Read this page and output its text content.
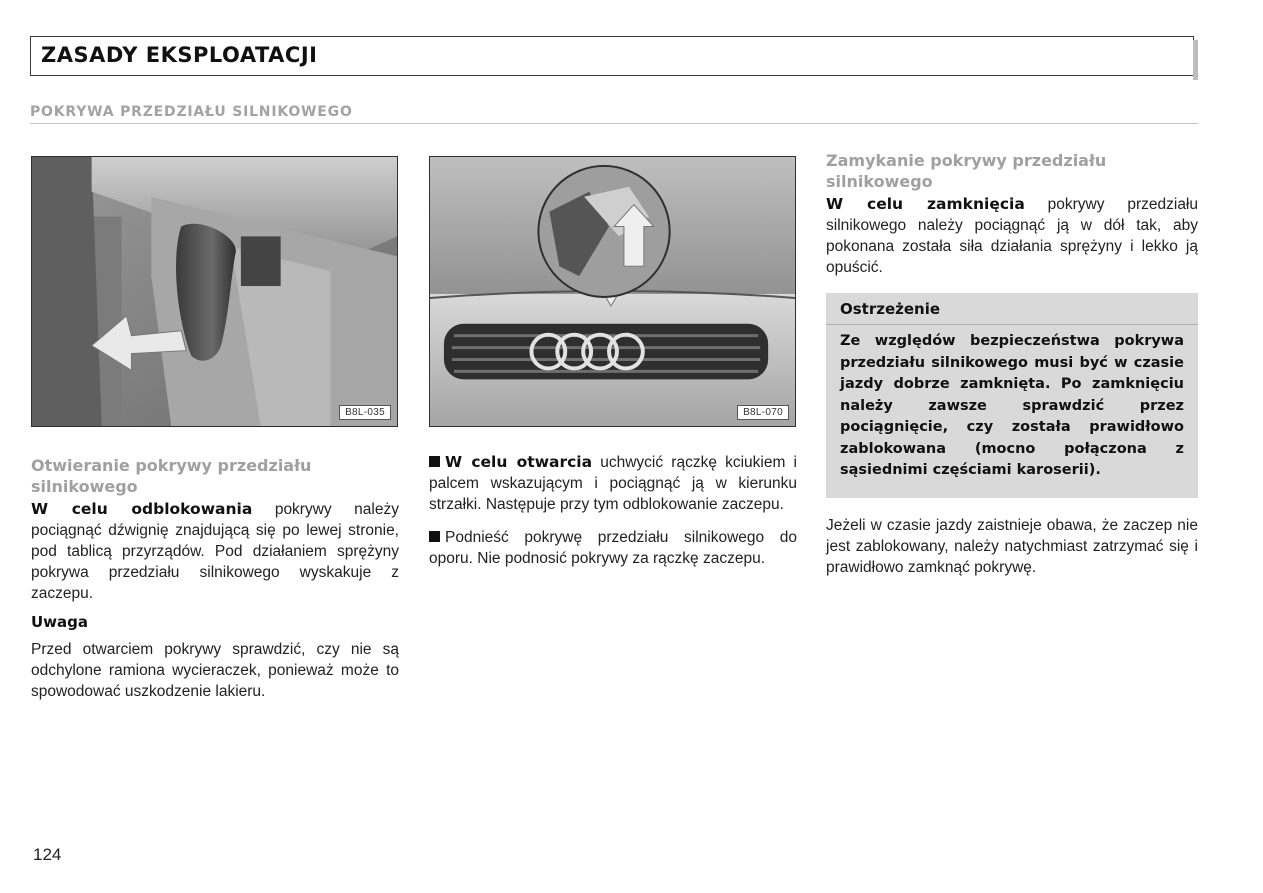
ZASADY EKSPLOATACJI
POKRYWA PRZEDZIAŁU SILNIKOWEGO
B8L-035	B8L-070
Otwieranie pokrywy przedziału silnikowego

W celu odblokowania pokrywy należy pociągnąć dźwignię znajdującą się po lewej stronie, pod tablicą przyrządów. Pod działaniem sprężyny pokrywa przedziału silnikowego wyskakuje z zaczepu.

Uwaga

Przed otwarciem pokrywy sprawdzić, czy nie są odchylone ramiona wycieraczek, ponieważ może to spowodować uszkodzenie lakieru.

W celu otwarcia uchwycić rączkę kciukiem i palcem wskazującym i pociągnąć ją w kierunku strzałki. Następuje przy tym odblokowanie zaczepu.

Podnieść pokrywę przedziału silnikowego do oporu. Nie podnosić pokrywy za rączkę zaczepu.

Zamykanie pokrywy przedziału silnikowego

W celu zamknięcia pokrywy przedziału silnikowego należy pociągnąć ją w dół tak, aby pokonana została siła działania sprężyny i lekko ją opuścić.

Ostrzeżenie
Ze względów bezpieczeństwa pokrywa przedziału silnikowego musi być w czasie jazdy dobrze zamknięta. Po zamknięciu należy zawsze sprawdzić przez pociągnięcie, czy została prawidłowo zablokowana (mocno połączona z sąsiednimi częściami karoserii).

Jeżeli w czasie jazdy zaistnieje obawa, że zaczep nie jest zablokowany, należy natychmiast zatrzymać się i prawidłowo zamknąć pokrywę.

124
